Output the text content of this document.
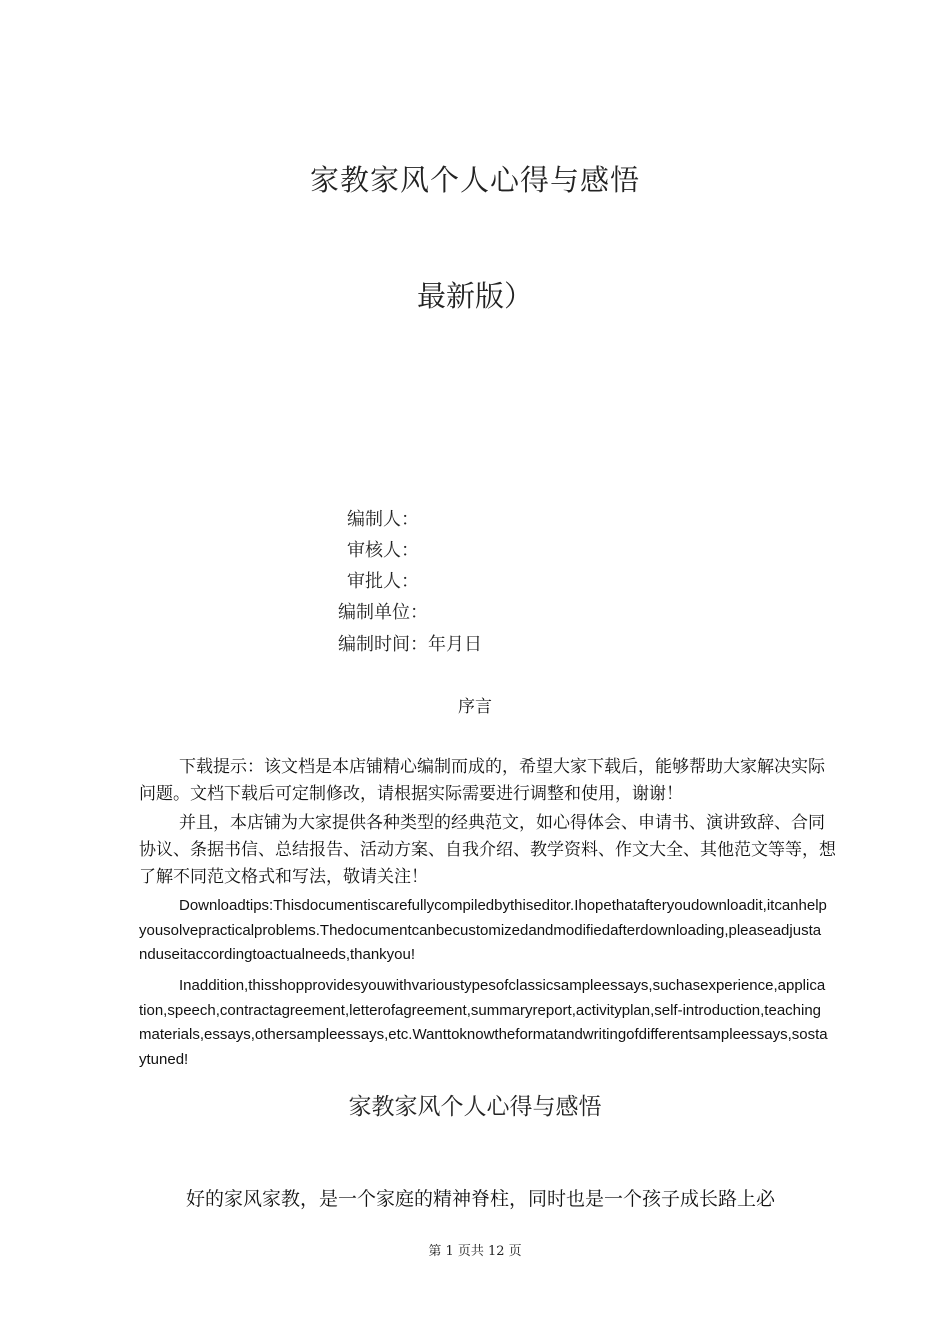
家教家风个人心得与感悟
最新版）
编制人：
审核人：
审批人：
编制单位：
编制时间：年月日
序言
下载提示：该文档是本店铺精心编制而成的，希望大家下载后，能够帮助大家解决实际问题。文档下载后可定制修改，请根据实际需要进行调整和使用，谢谢！
并且，本店铺为大家提供各种类型的经典范文，如心得体会、申请书、演讲致辞、合同协议、条据书信、总结报告、活动方案、自我介绍、教学资料、作文大全、其他范文等等，想了解不同范文格式和写法，敬请关注！
Downloadtips:Thisdocumentiscarefullycompiledbythiseditor.Ihopethatafteryoudownloadit,itcanhelpyousolvepracticalproblems.Thedocumentcanbecustomizedandmodifiedafterdownloading,pleaseadjustanduseitaccordingtoactualneeds,thankyou!
Inaddition,thisshopprovidesyouwithvarioustypesofclassicsampleessays,suchasexperience,application,speech,contractagreement,letterofagreement,summaryreport,activityplan,self-introduction,teachingmaterials,essays,othersampleessays,etc.Wanttoknowtheformatandwritingofdifferentsampleessays,sostaytuned!
家教家风个人心得与感悟
好的家风家教，是一个家庭的精神脊柱，同时也是一个孩子成长路上必
第 1 页共 12 页
